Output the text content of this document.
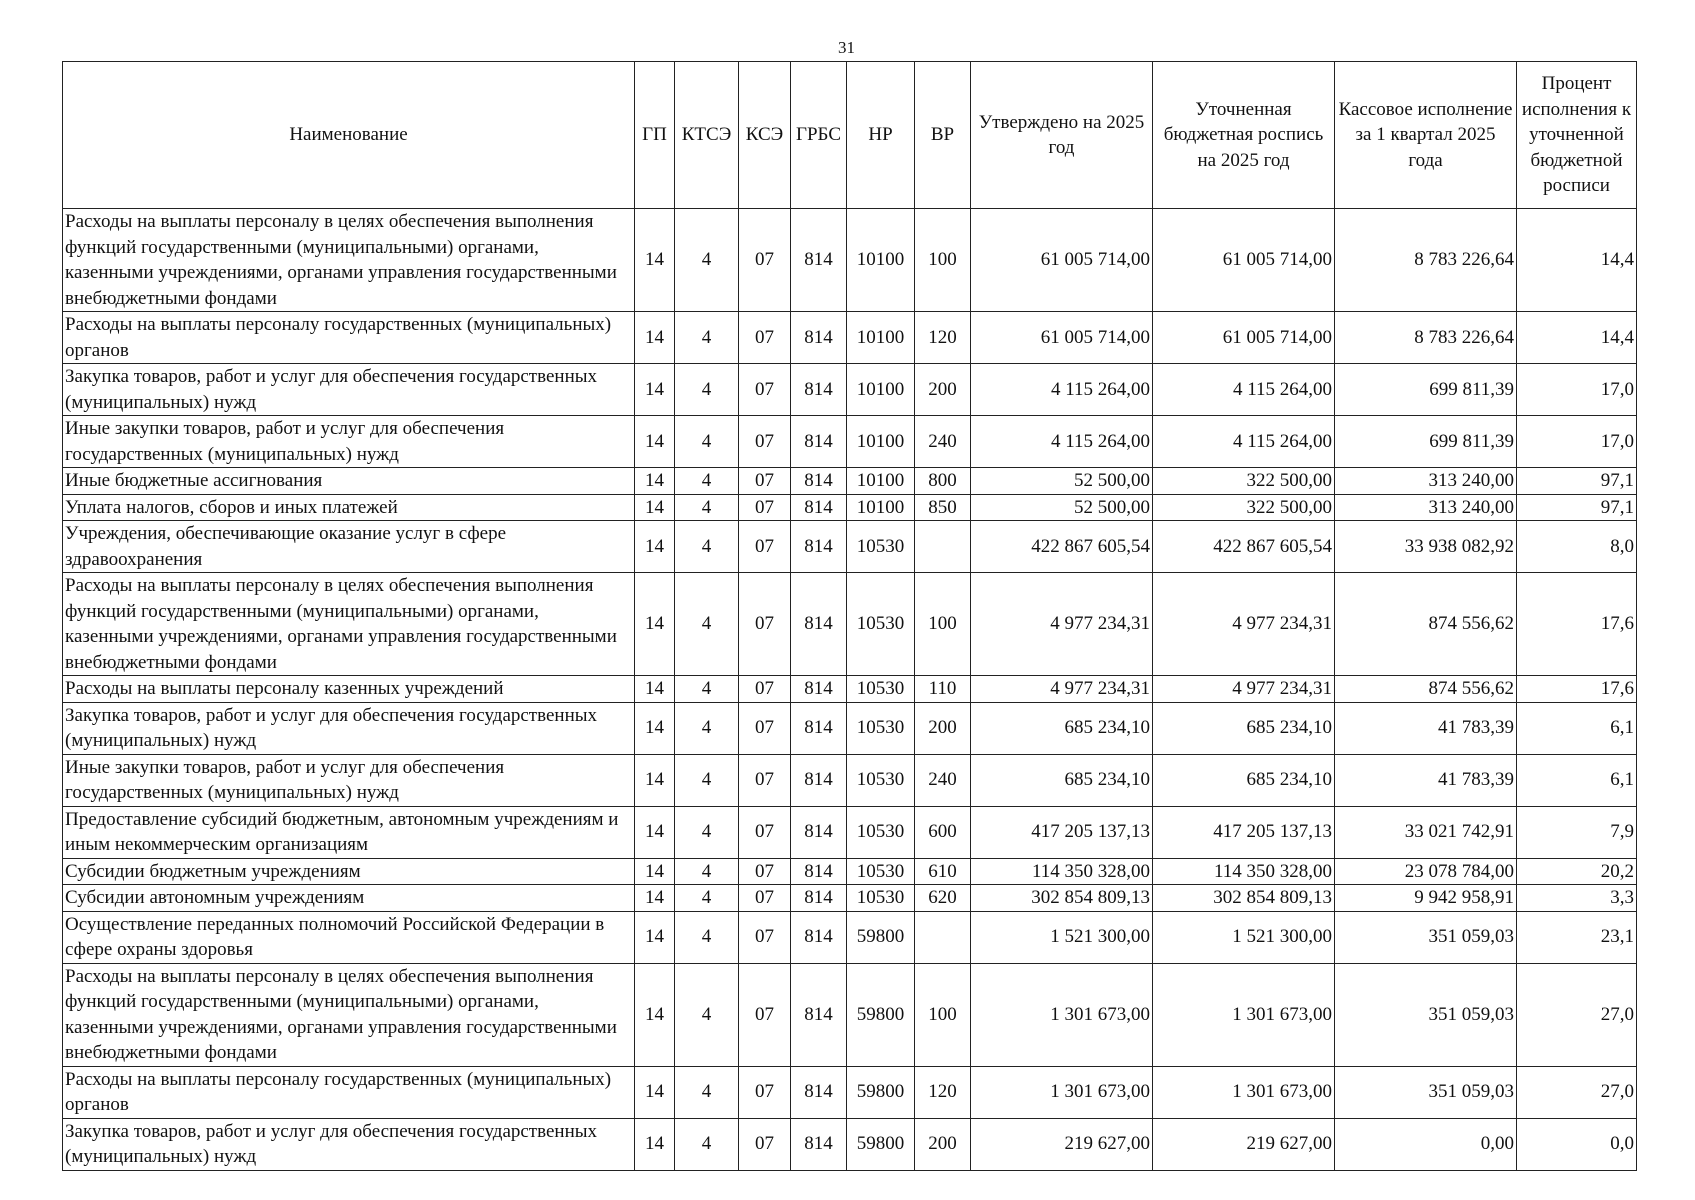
31
Наименование	ГП	КТСЭ	КСЭ	ГРБС	НР	ВР	Утверждено на 2025 год	Уточненная бюджетная роспись на 2025 год	Кассовое исполнение за 1 квартал 2025 года	Процент исполнения к уточненной бюджетной росписи
Расходы на выплаты персоналу в целях обеспечения выполнения функций государственными (муниципальными) органами, казенными учреждениями, органами управления государственными внебюджетными фондами	14	4	07	814	10100	100	61 005 714,00	61 005 714,00	8 783 226,64	14,4
Расходы на выплаты персоналу государственных (муниципальных) органов	14	4	07	814	10100	120	61 005 714,00	61 005 714,00	8 783 226,64	14,4
Закупка товаров, работ и услуг для обеспечения государственных (муниципальных) нужд	14	4	07	814	10100	200	4 115 264,00	4 115 264,00	699 811,39	17,0
Иные закупки товаров, работ и услуг для обеспечения государственных (муниципальных) нужд	14	4	07	814	10100	240	4 115 264,00	4 115 264,00	699 811,39	17,0
Иные бюджетные ассигнования	14	4	07	814	10100	800	52 500,00	322 500,00	313 240,00	97,1
Уплата налогов, сборов и иных платежей	14	4	07	814	10100	850	52 500,00	322 500,00	313 240,00	97,1
Учреждения, обеспечивающие оказание услуг в сфере здравоохранения	14	4	07	814	10530		422 867 605,54	422 867 605,54	33 938 082,92	8,0
Расходы на выплаты персоналу в целях обеспечения выполнения функций государственными (муниципальными) органами, казенными учреждениями, органами управления государственными внебюджетными фондами	14	4	07	814	10530	100	4 977 234,31	4 977 234,31	874 556,62	17,6
Расходы на выплаты персоналу казенных учреждений	14	4	07	814	10530	110	4 977 234,31	4 977 234,31	874 556,62	17,6
Закупка товаров, работ и услуг для обеспечения государственных (муниципальных) нужд	14	4	07	814	10530	200	685 234,10	685 234,10	41 783,39	6,1
Иные закупки товаров, работ и услуг для обеспечения государственных (муниципальных) нужд	14	4	07	814	10530	240	685 234,10	685 234,10	41 783,39	6,1
Предоставление субсидий бюджетным, автономным учреждениям и иным некоммерческим организациям	14	4	07	814	10530	600	417 205 137,13	417 205 137,13	33 021 742,91	7,9
Субсидии бюджетным учреждениям	14	4	07	814	10530	610	114 350 328,00	114 350 328,00	23 078 784,00	20,2
Субсидии автономным учреждениям	14	4	07	814	10530	620	302 854 809,13	302 854 809,13	9 942 958,91	3,3
Осуществление переданных полномочий Российской Федерации в сфере охраны здоровья	14	4	07	814	59800		1 521 300,00	1 521 300,00	351 059,03	23,1
Расходы на выплаты персоналу в целях обеспечения выполнения функций государственными (муниципальными) органами, казенными учреждениями, органами управления государственными внебюджетными фондами	14	4	07	814	59800	100	1 301 673,00	1 301 673,00	351 059,03	27,0
Расходы на выплаты персоналу государственных (муниципальных) органов	14	4	07	814	59800	120	1 301 673,00	1 301 673,00	351 059,03	27,0
Закупка товаров, работ и услуг для обеспечения государственных (муниципальных) нужд	14	4	07	814	59800	200	219 627,00	219 627,00	0,00	0,0
